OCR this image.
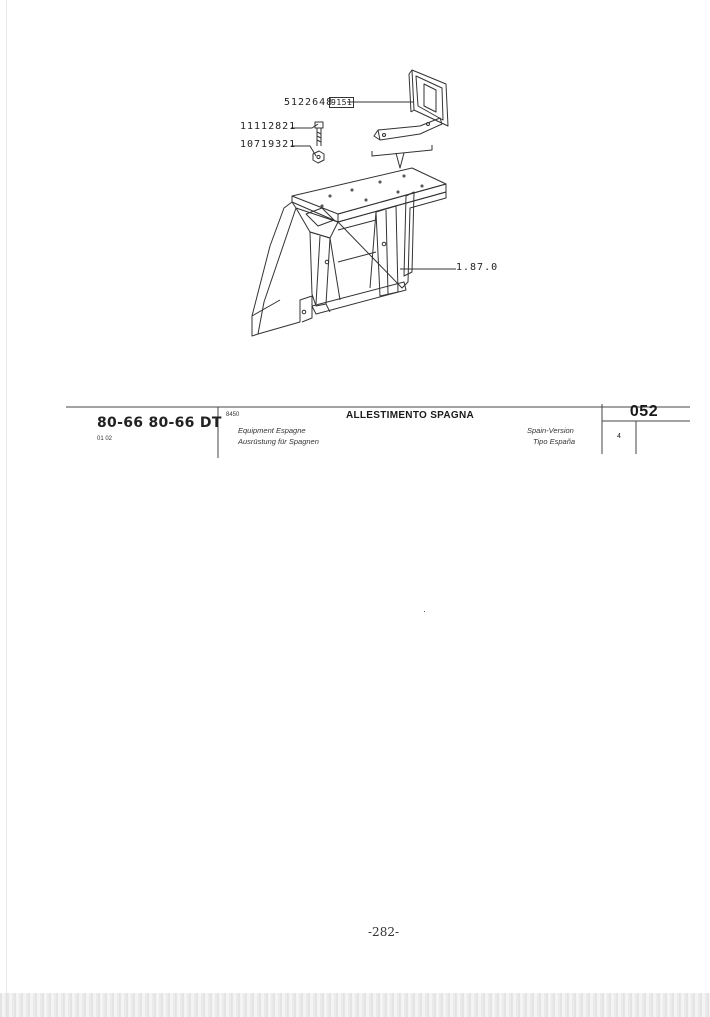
5122648
9151
11112821
10719321
1.87.0
80-66 80-66 DT
01 02
8450	ALLESTIMENTO SPAGNA
Equipment Espagne
Ausrüstung für Spagnen
Spain-Version
Tipo España
052
4
-282-
